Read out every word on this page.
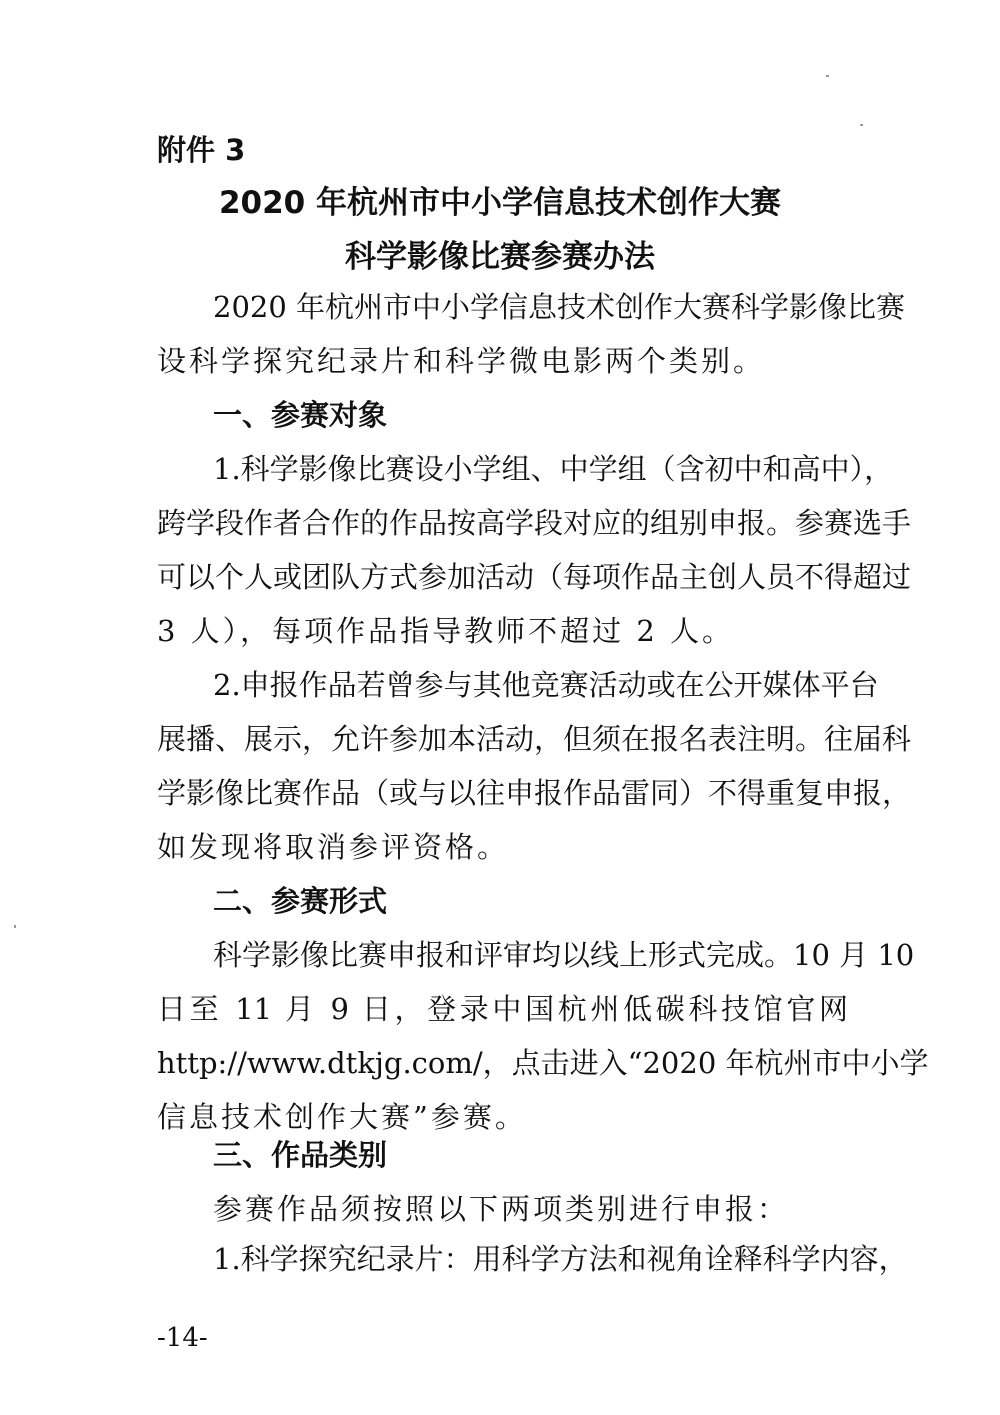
附件 3
2020 年杭州市中小学信息技术创作大赛
科学影像比赛参赛办法
2020 年杭州市中小学信息技术创作大赛科学影像比赛
设科学探究纪录片和科学微电影两个类别。
一、参赛对象
1.科学影像比赛设小学组、中学组（含初中和高中），
跨学段作者合作的作品按高学段对应的组别申报。参赛选手
可以个人或团队方式参加活动（每项作品主创人员不得超过
3 人），每项作品指导教师不超过 2 人。
2.申报作品若曾参与其他竞赛活动或在公开媒体平台
展播、展示，允许参加本活动，但须在报名表注明。往届科
学影像比赛作品（或与以往申报作品雷同）不得重复申报，
如发现将取消参评资格。
二、参赛形式
科学影像比赛申报和评审均以线上形式完成。10 月 10
日至 11 月 9 日，登录中国杭州低碳科技馆官网
http://www.dtkjg.com/，点击进入“2020 年杭州市中小学
信息技术创作大赛”参赛。
三、作品类别
参赛作品须按照以下两项类别进行申报：
1.科学探究纪录片：用科学方法和视角诠释科学内容，
-14-
